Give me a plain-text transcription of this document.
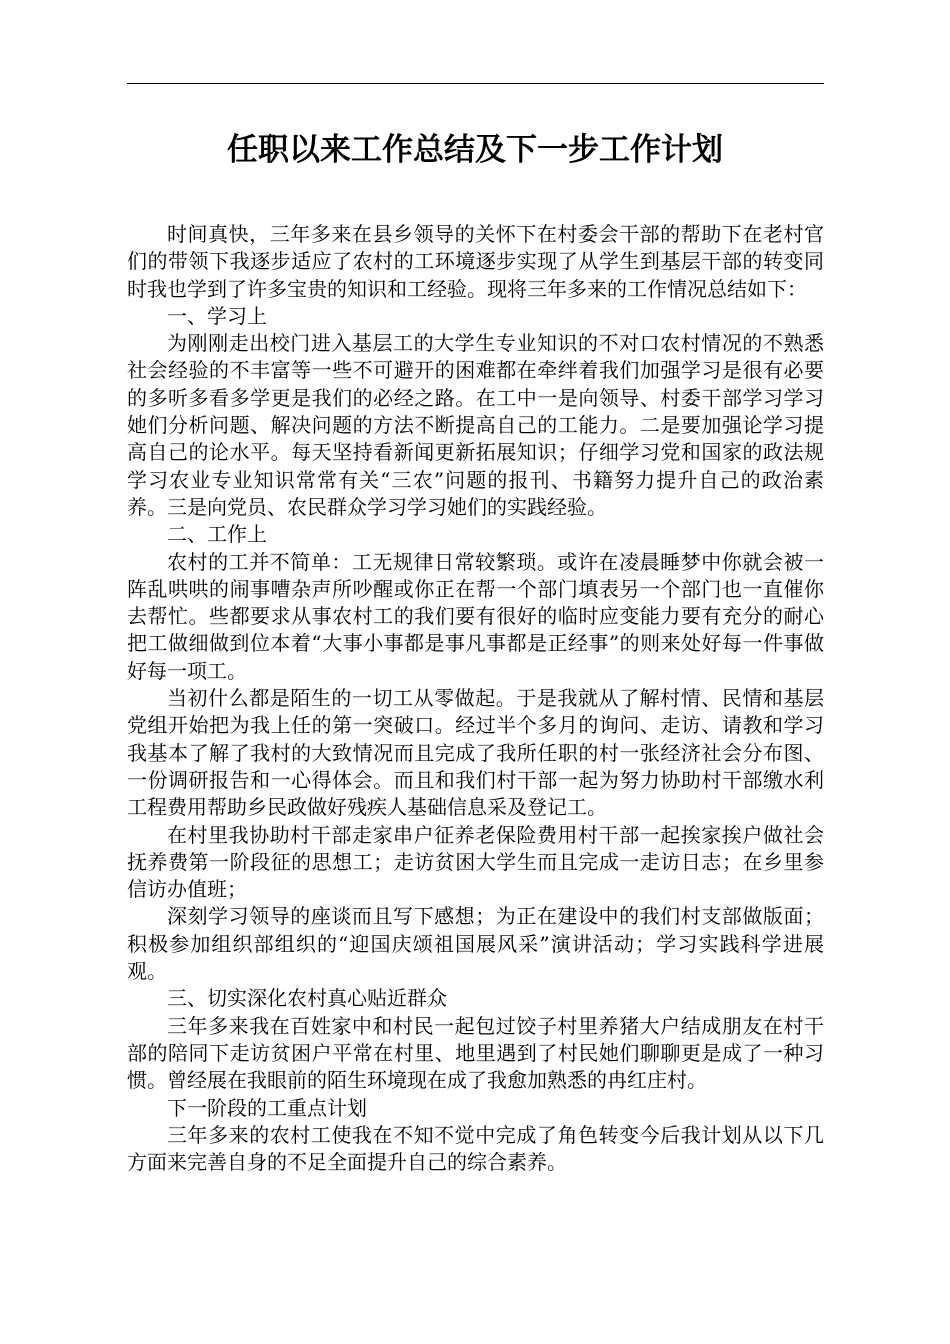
任职以来工作总结及下一步工作计划

时间真快，三年多来在县乡领导的关怀下在村委会干部的帮助下在老村官们的带领下我逐步适应了农村的工环境逐步实现了从学生到基层干部的转变同时我也学到了许多宝贵的知识和工经验。现将三年多来的工作情况总结如下：

一、学习上

为刚刚走出校门进入基层工的大学生专业知识的不对口农村情况的不熟悉社会经验的不丰富等一些不可避开的困难都在牵绊着我们加强学习是很有必要的多听多看多学更是我们的必经之路。在工中一是向领导、村委干部学习学习她们分析问题、解决问题的方法不断提高自己的工能力。二是要加强论学习提高自己的论水平。每天坚持看新闻更新拓展知识；仔细学习党和国家的政法规学习农业专业知识常常有关“三农”问题的报刊、书籍努力提升自己的政治素养。三是向党员、农民群众学习学习她们的实践经验。

二、工作上

农村的工并不简单：工无规律日常较繁琐。或许在凌晨睡梦中你就会被一阵乱哄哄的闹事嘈杂声所吵醒或你正在帮一个部门填表另一个部门也一直催你去帮忙。些都要求从事农村工的我们要有很好的临时应变能力要有充分的耐心把工做细做到位本着“大事小事都是事凡事都是正经事”的则来处好每一件事做好每一项工。

当初什么都是陌生的一切工从零做起。于是我就从了解村情、民情和基层党组开始把为我上任的第一突破口。经过半个多月的询问、走访、请教和学习我基本了解了我村的大致情况而且完成了我所任职的村一张经济社会分布图、一份调研报告和一心得体会。而且和我们村干部一起为努力协助村干部缴水利工程费用帮助乡民政做好残疾人基础信息采及登记工。

在村里我协助村干部走家串户征养老保险费用村干部一起挨家挨户做社会抚养费第一阶段征的思想工；走访贫困大学生而且完成一走访日志；在乡里参信访办值班；

深刻学习领导的座谈而且写下感想；为正在建设中的我们村支部做版面；积极参加组织部组织的“迎国庆颂祖国展风采”演讲活动；学习实践科学进展观。

三、切实深化农村真心贴近群众

三年多来我在百姓家中和村民一起包过饺子村里养猪大户结成朋友在村干部的陪同下走访贫困户平常在村里、地里遇到了村民她们聊聊更是成了一种习惯。曾经展在我眼前的陌生环境现在成了我愈加熟悉的冉红庄村。

下一阶段的工重点计划

三年多来的农村工使我在不知不觉中完成了角色转变今后我计划从以下几方面来完善自身的不足全面提升自己的综合素养。
